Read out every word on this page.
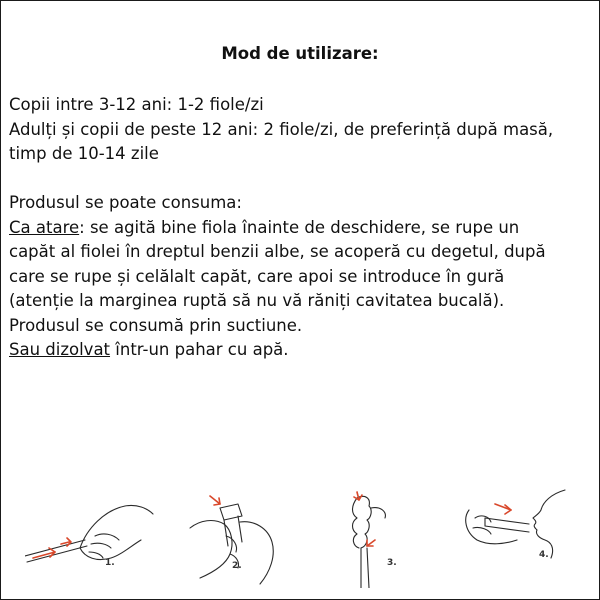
Mod de utilizare:
Copii intre 3-12 ani: 1-2 fiole/zi
Adulți și copii de peste 12 ani: 2 fiole/zi, de preferință după masă,
timp de 10-14 zile
Produsul se poate consuma:
Ca atare: se agită bine fiola înainte de deschidere, se rupe un
capăt al fiolei în dreptul benzii albe, se acoperă cu degetul, după
care se rupe și celălalt capăt, care apoi se introduce în gură
(atenție la marginea ruptă să nu vă răniți cavitatea bucală).
Produsul se consumă prin suctiune.
Sau dizolvat într-un pahar cu apă.
1.	2.	3.
4.
